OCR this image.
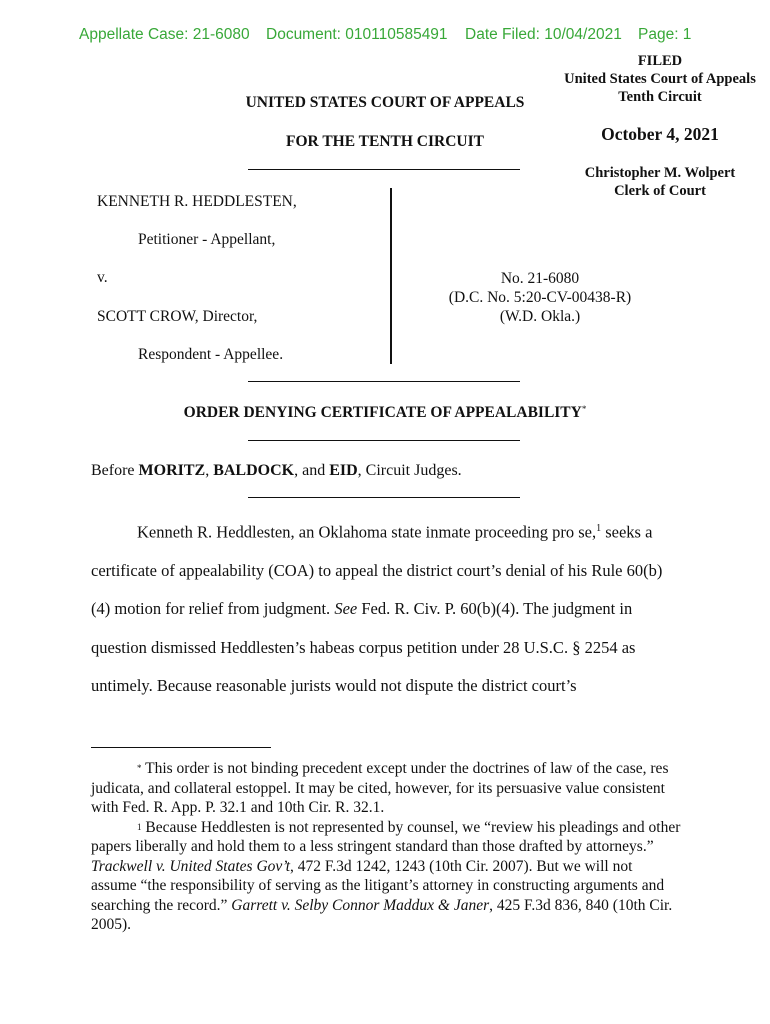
Appellate Case: 21-6080

Document: 010110585491

Date Filed: 10/04/2021

Page: 1

FILED
United States Court of Appeals
Tenth Circuit
October 4, 2021
Christopher M. Wolpert
Clerk of Court
UNITED STATES COURT OF APPEALS
FOR THE TENTH CIRCUIT
KENNETH R. HEDDLESTEN,
Petitioner - Appellant,
v.
SCOTT CROW, Director,
Respondent - Appellee.
No. 21-6080
(D.C. No. 5:20-CV-00438-R)
(W.D. Okla.)
ORDER DENYING CERTIFICATE OF APPEALABILITY*
Before MORITZ, BALDOCK, and EID, Circuit Judges.

Kenneth R. Heddlesten, an Oklahoma state inmate proceeding pro se,$^1$ seeks a certificate of appealability (COA) to appeal the district court’s denial of his Rule 60(b)(4) motion for relief from judgment. See Fed. R. Civ. P. 60(b)(4). The judgment in question dismissed Heddlesten’s habeas corpus petition under 28 U.S.C. § 2254 as untimely. Because reasonable jurists would not dispute the district court’s

* This order is not binding precedent except under the doctrines of law of the case, res judicata, and collateral estoppel. It may be cited, however, for its persuasive value consistent with Fed. R. App. P. 32.1 and 10th Cir. R. 32.1.

$^1$ Because Heddlesten is not represented by counsel, we “review his pleadings and other papers liberally and hold them to a less stringent standard than those drafted by attorneys.” Trackwell v. United States Gov’t, 472 F.3d 1242, 1243 (10th Cir. 2007). But we will not assume “the responsibility of serving as the litigant’s attorney in constructing arguments and searching the record.” Garrett v. Selby Connor Maddux & Janer, 425 F.3d 836, 840 (10th Cir. 2005).
